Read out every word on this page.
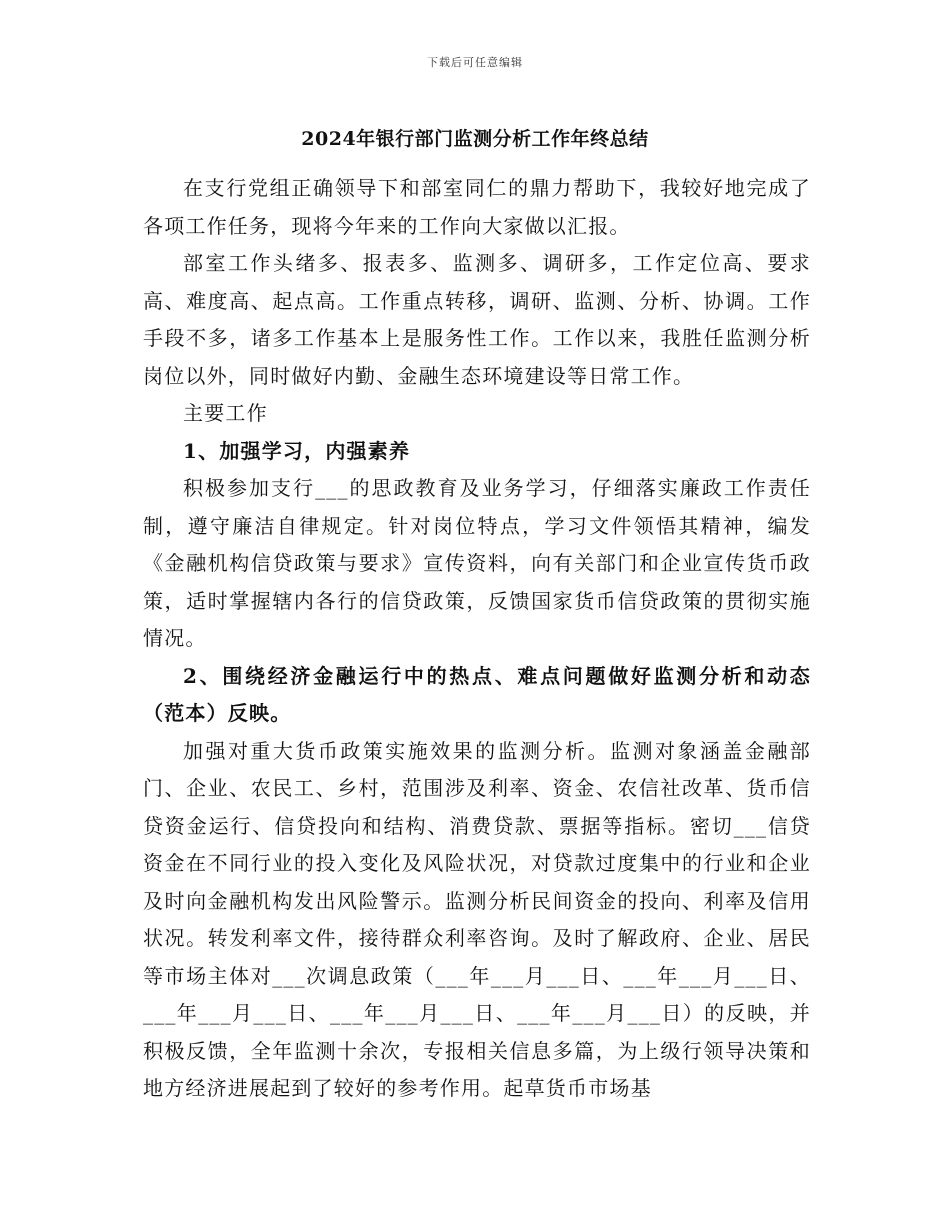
下载后可任意编辑
2024年银行部门监测分析工作年终总结

在支行党组正确领导下和部室同仁的鼎力帮助下，我较好地完成了各项工作任务，现将今年来的工作向大家做以汇报。

部室工作头绪多、报表多、监测多、调研多，工作定位高、要求高、难度高、起点高。工作重点转移，调研、监测、分析、协调。工作手段不多，诸多工作基本上是服务性工作。工作以来，我胜任监测分析岗位以外，同时做好内勤、金融生态环境建设等日常工作。

主要工作

1、加强学习，内强素养

积极参加支行___的思政教育及业务学习，仔细落实廉政工作责任制，遵守廉洁自律规定。针对岗位特点，学习文件领悟其精神，编发《金融机构信贷政策与要求》宣传资料，向有关部门和企业宣传货币政策，适时掌握辖内各行的信贷政策，反馈国家货币信贷政策的贯彻实施情况。

2、围绕经济金融运行中的热点、难点问题做好监测分析和动态（范本）反映。

加强对重大货币政策实施效果的监测分析。监测对象涵盖金融部门、企业、农民工、乡村，范围涉及利率、资金、农信社改革、货币信贷资金运行、信贷投向和结构、消费贷款、票据等指标。密切___信贷资金在不同行业的投入变化及风险状况，对贷款过度集中的行业和企业及时向金融机构发出风险警示。监测分析民间资金的投向、利率及信用状况。转发利率文件，接待群众利率咨询。及时了解政府、企业、居民等市场主体对___次调息政策（___年___月___日、___年___月___日、___年___月___日、___年___月___日、___年___月___日）的反映，并积极反馈，全年监测十余次，专报相关信息多篇，为上级行领导决策和地方经济进展起到了较好的参考作用。起草货币市场基
